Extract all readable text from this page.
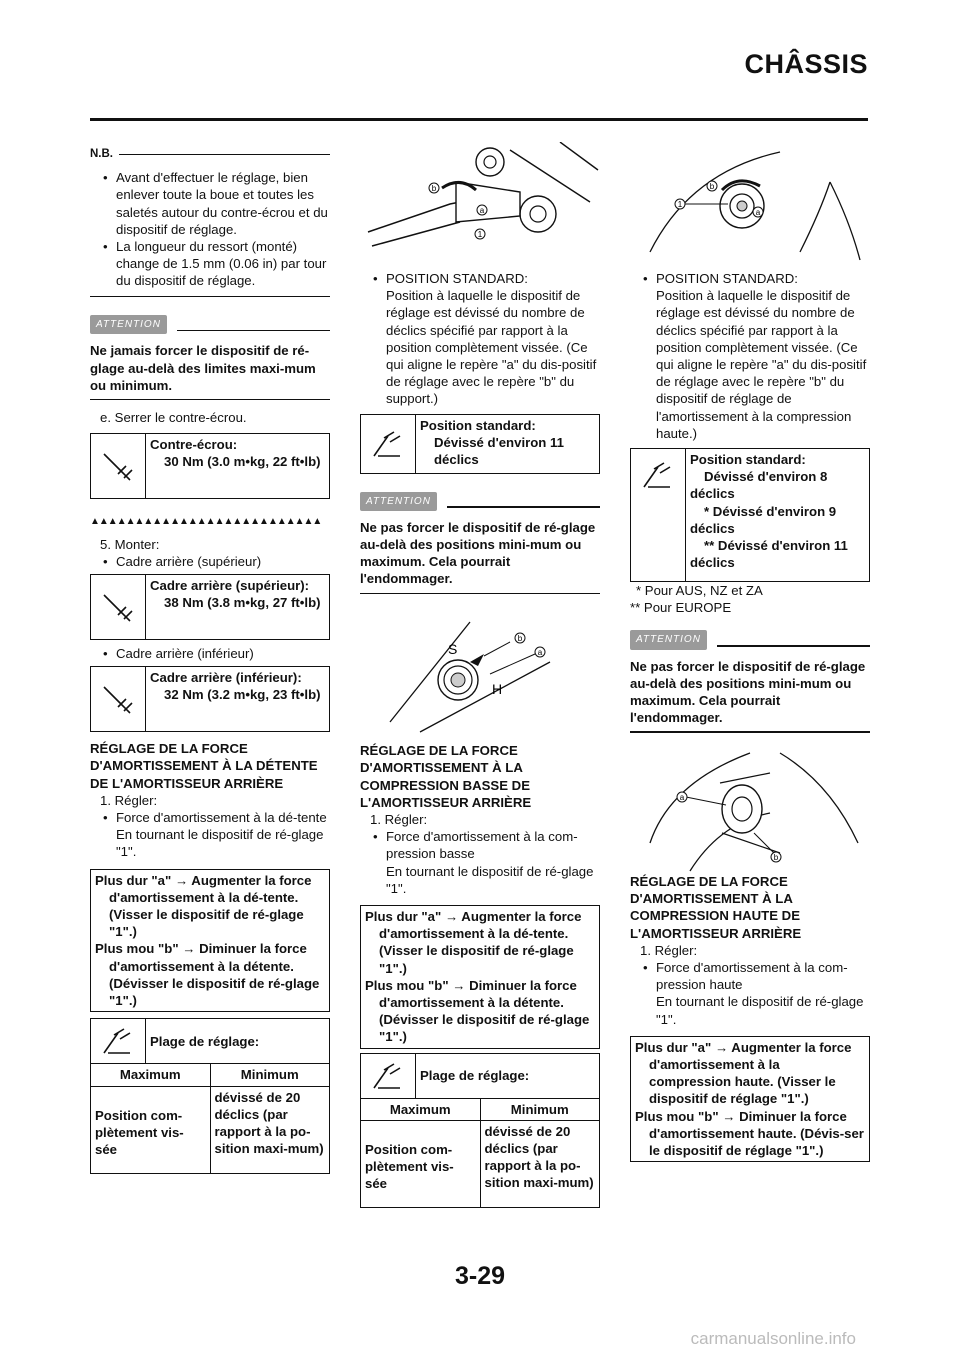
CHÂSSIS
N.B.
• Avant d'effectuer le réglage, bien enlever toute la boue et toutes les saletés autour du contre-écrou et du dispositif de réglage.
• La longueur du ressort (monté) change de 1.5 mm (0.06 in) par tour du dispositif de réglage.
ATTENTION
Ne jamais forcer le dispositif de ré-glage au-delà des limites maxi-mum ou minimum.
e. Serrer le contre-écrou.
Contre-écrou:
30 Nm (3.0 m•kg, 22 ft•lb)
▲▲▲▲▲▲▲▲▲▲▲▲▲▲▲▲▲▲▲▲▲▲▲▲▲▲
5. Monter:
• Cadre arrière (supérieur)
Cadre arrière (supérieur):
38 Nm (3.8 m•kg, 27 ft•lb)
• Cadre arrière (inférieur)
Cadre arrière (inférieur):
32 Nm (3.2 m•kg, 23 ft•lb)
RÉGLAGE DE LA FORCE D'AMORTISSEMENT À LA DÉTENTE DE L'AMORTISSEUR ARRIÈRE
1. Régler:
• Force d'amortissement à la dé-tente
En tournant le dispositif de ré-glage "1".
Plus dur "a" → Augmenter la force d'amortissement à la dé-tente. (Visser le dispositif de ré-glage "1".)
Plus mou "b" → Diminuer la force d'amortissement à la détente. (Dévisser le dispositif de ré-glage "1".)
Plage de réglage:
Maximum	Minimum
Position com-plètement vis-sée
dévissé de 20 déclics (par rapport à la po-sition maxi-mum)
b
a
1
• POSITION STANDARD:
Position à laquelle le dispositif de réglage est dévissé du nombre de déclics spécifié par rapport à la position complètement vissée. (Ce qui aligne le repère "a" du dis-positif de réglage avec le repère "b" du support.)
Position standard:
Dévissé d'environ 11 déclics
ATTENTION
Ne pas forcer le dispositif de ré-glage au-delà des positions mini-mum ou maximum. Cela pourrait l'endommager.
b
a
S
H
RÉGLAGE DE LA FORCE D'AMORTISSEMENT À LA COMPRESSION BASSE DE L'AMORTISSEUR ARRIÈRE
1. Régler:
• Force d'amortissement à la com-pression basse
En tournant le dispositif de ré-glage "1".
Plus dur "a" → Augmenter la force d'amortissement à la dé-tente. (Visser le dispositif de ré-glage "1".)
Plus mou "b" → Diminuer la force d'amortissement à la détente. (Dévisser le dispositif de ré-glage "1".)
Plage de réglage:
Maximum	Minimum
Position com-plètement vis-sée
dévissé de 20 déclics (par rapport à la po-sition maxi-mum)
b
a
1
• POSITION STANDARD:
Position à laquelle le dispositif de réglage est dévissé du nombre de déclics spécifié par rapport à la position complètement vissée. (Ce qui aligne le repère "a" du dis-positif de réglage avec le repère "b" du dispositif de réglage de l'amortissement à la compression haute.)
Position standard:
Dévissé d'environ 8
déclics
* Dévissé d'environ 9
déclics
** Dévissé d'environ 11
déclics
* Pour AUS, NZ et ZA
** Pour EUROPE
ATTENTION
Ne pas forcer le dispositif de ré-glage au-delà des positions mini-mum ou maximum. Cela pourrait l'endommager.
a
b
RÉGLAGE DE LA FORCE D'AMORTISSEMENT À LA COMPRESSION HAUTE DE L'AMORTISSEUR ARRIÈRE
1. Régler:
• Force d'amortissement à la com-pression haute
En tournant le dispositif de ré-glage "1".
Plus dur "a" → Augmenter la force d'amortissement à la compression haute. (Visser le dispositif de réglage "1".)
Plus mou "b" → Diminuer la force d'amortissement haute. (Dévis-ser le dispositif de réglage "1".)
3-29
carmanualsonline.info
